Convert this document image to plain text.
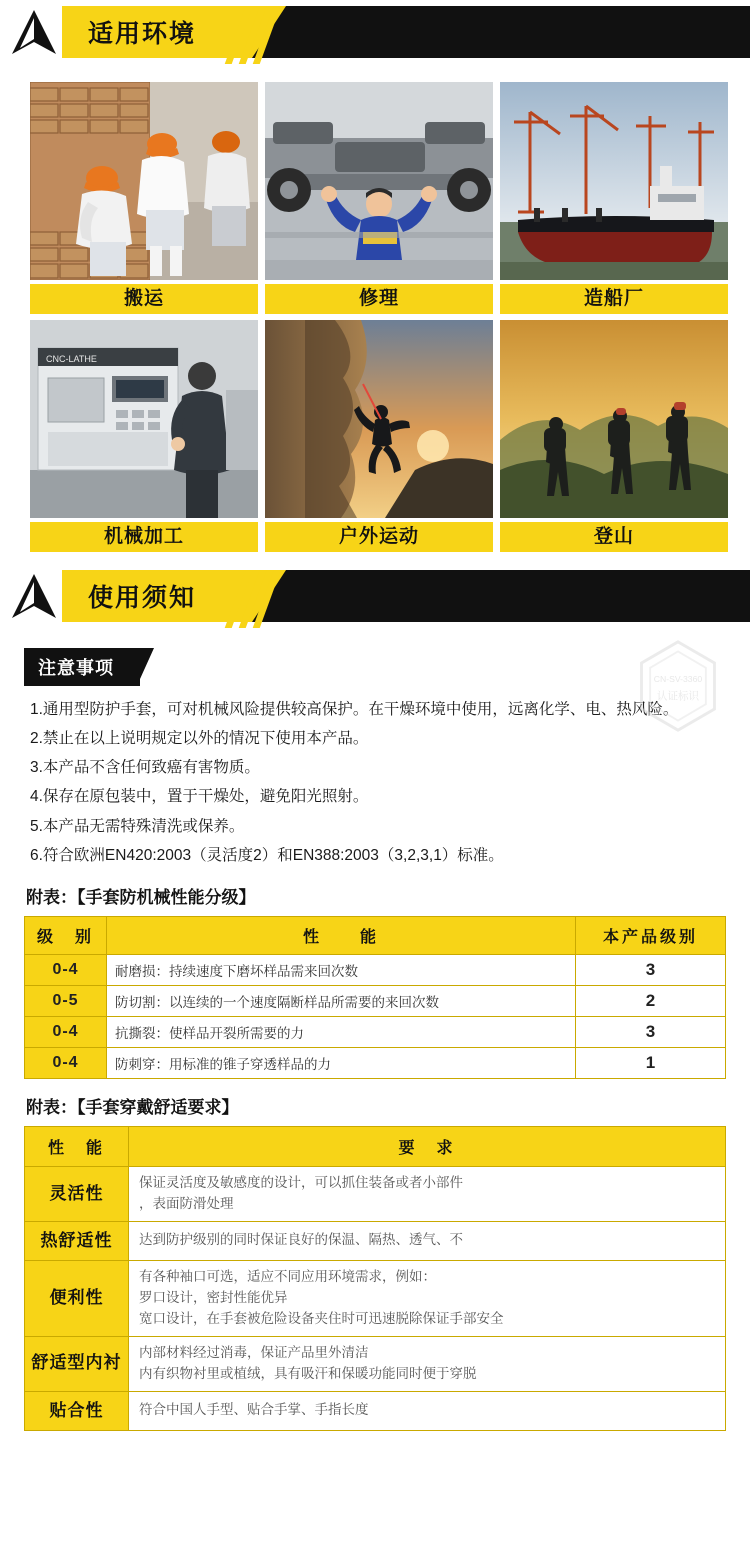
适用环境
搬运	修理	造船厂
CNC-LATHE
机械加工	户外运动	登山
使用须知
CN-SV-3360
认证标识
注意事项
1.通用型防护手套，可对机械风险提供较高保护。在干燥环境中使用，远离化学、电、热风险。
2.禁止在以上说明规定以外的情况下使用本产品。
3.本产品不含任何致癌有害物质。
4.保存在原包装中，置于干燥处，避免阳光照射。
5.本产品无需特殊清洗或保养。
6.符合欧洲EN420:2003（灵活度2）和EN388:2003（3,2,3,1）标准。
附表：【手套防机械性能分级】
级　别	性　　能	本产品级别
0-4	耐磨损：持续速度下磨坏样品需来回次数	3
0-5	防切割：以连续的一个速度隔断样品所需要的来回次数	2
0-4	抗撕裂：使样品开裂所需要的力	3
0-4	防刺穿：用标准的锥子穿透样品的力	1
附表：【手套穿戴舒适要求】
性　能	要　求
灵活性	保证灵活度及敏感度的设计，可以抓住装备或者小部件
，表面防滑处理

热舒适性	达到防护级别的同时保证良好的保温、隔热、透气、不

便利性	有各种袖口可选，适应不同应用环境需求，例如：
罗口设计，密封性能优异
宽口设计，在手套被危险设备夹住时可迅速脱除保证手部安全

舒适型内衬	内部材料经过消毒，保证产品里外清洁
内有织物衬里或植绒，具有吸汗和保暖功能同时便于穿脱

贴合性	符合中国人手型、贴合手掌、手指长度
